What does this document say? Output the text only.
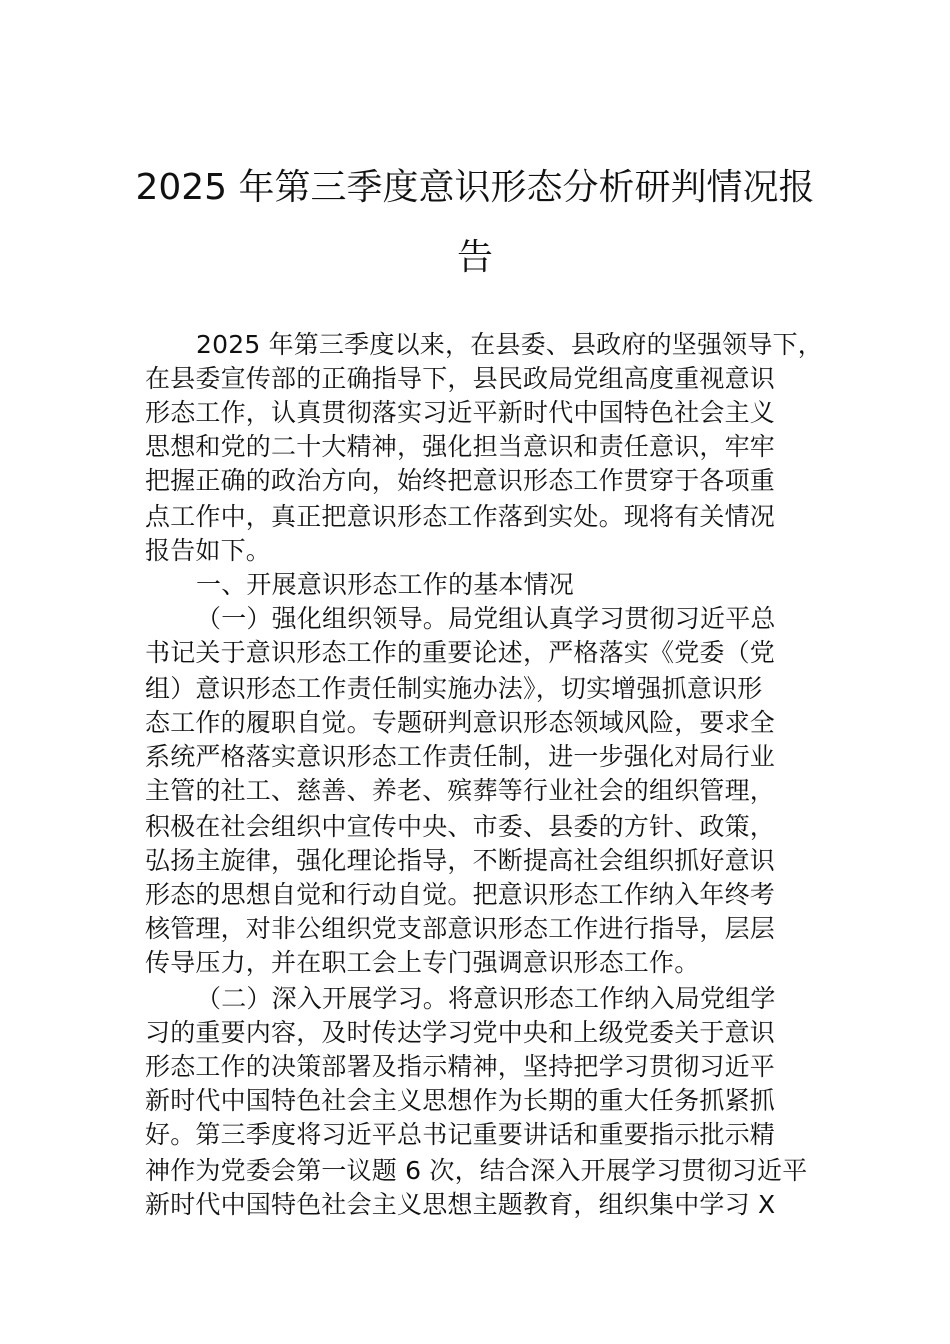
2025 年第三季度意识形态分析研判情况报
告
2025 年第三季度以来，在县委、县政府的坚强领导下，
在县委宣传部的正确指导下，县民政局党组高度重视意识
形态工作，认真贯彻落实习近平新时代中国特色社会主义
思想和党的二十大精神，强化担当意识和责任意识，牢牢
把握正确的政治方向，始终把意识形态工作贯穿于各项重
点工作中，真正把意识形态工作落到实处。现将有关情况
报告如下。
一、开展意识形态工作的基本情况
（一）强化组织领导。局党组认真学习贯彻习近平总
书记关于意识形态工作的重要论述，严格落实《党委（党
组）意识形态工作责任制实施办法》，切实增强抓意识形
态工作的履职自觉。专题研判意识形态领域风险，要求全
系统严格落实意识形态工作责任制，进一步强化对局行业
主管的社工、慈善、养老、殡葬等行业社会的组织管理，
积极在社会组织中宣传中央、市委、县委的方针、政策，
弘扬主旋律，强化理论指导，不断提高社会组织抓好意识
形态的思想自觉和行动自觉。把意识形态工作纳入年终考
核管理，对非公组织党支部意识形态工作进行指导，层层
传导压力，并在职工会上专门强调意识形态工作。
（二）深入开展学习。将意识形态工作纳入局党组学
习的重要内容，及时传达学习党中央和上级党委关于意识
形态工作的决策部署及指示精神，坚持把学习贯彻习近平
新时代中国特色社会主义思想作为长期的重大任务抓紧抓
好。第三季度将习近平总书记重要讲话和重要指示批示精
神作为党委会第一议题 6 次，结合深入开展学习贯彻习近平
新时代中国特色社会主义思想主题教育，组织集中学习 X
